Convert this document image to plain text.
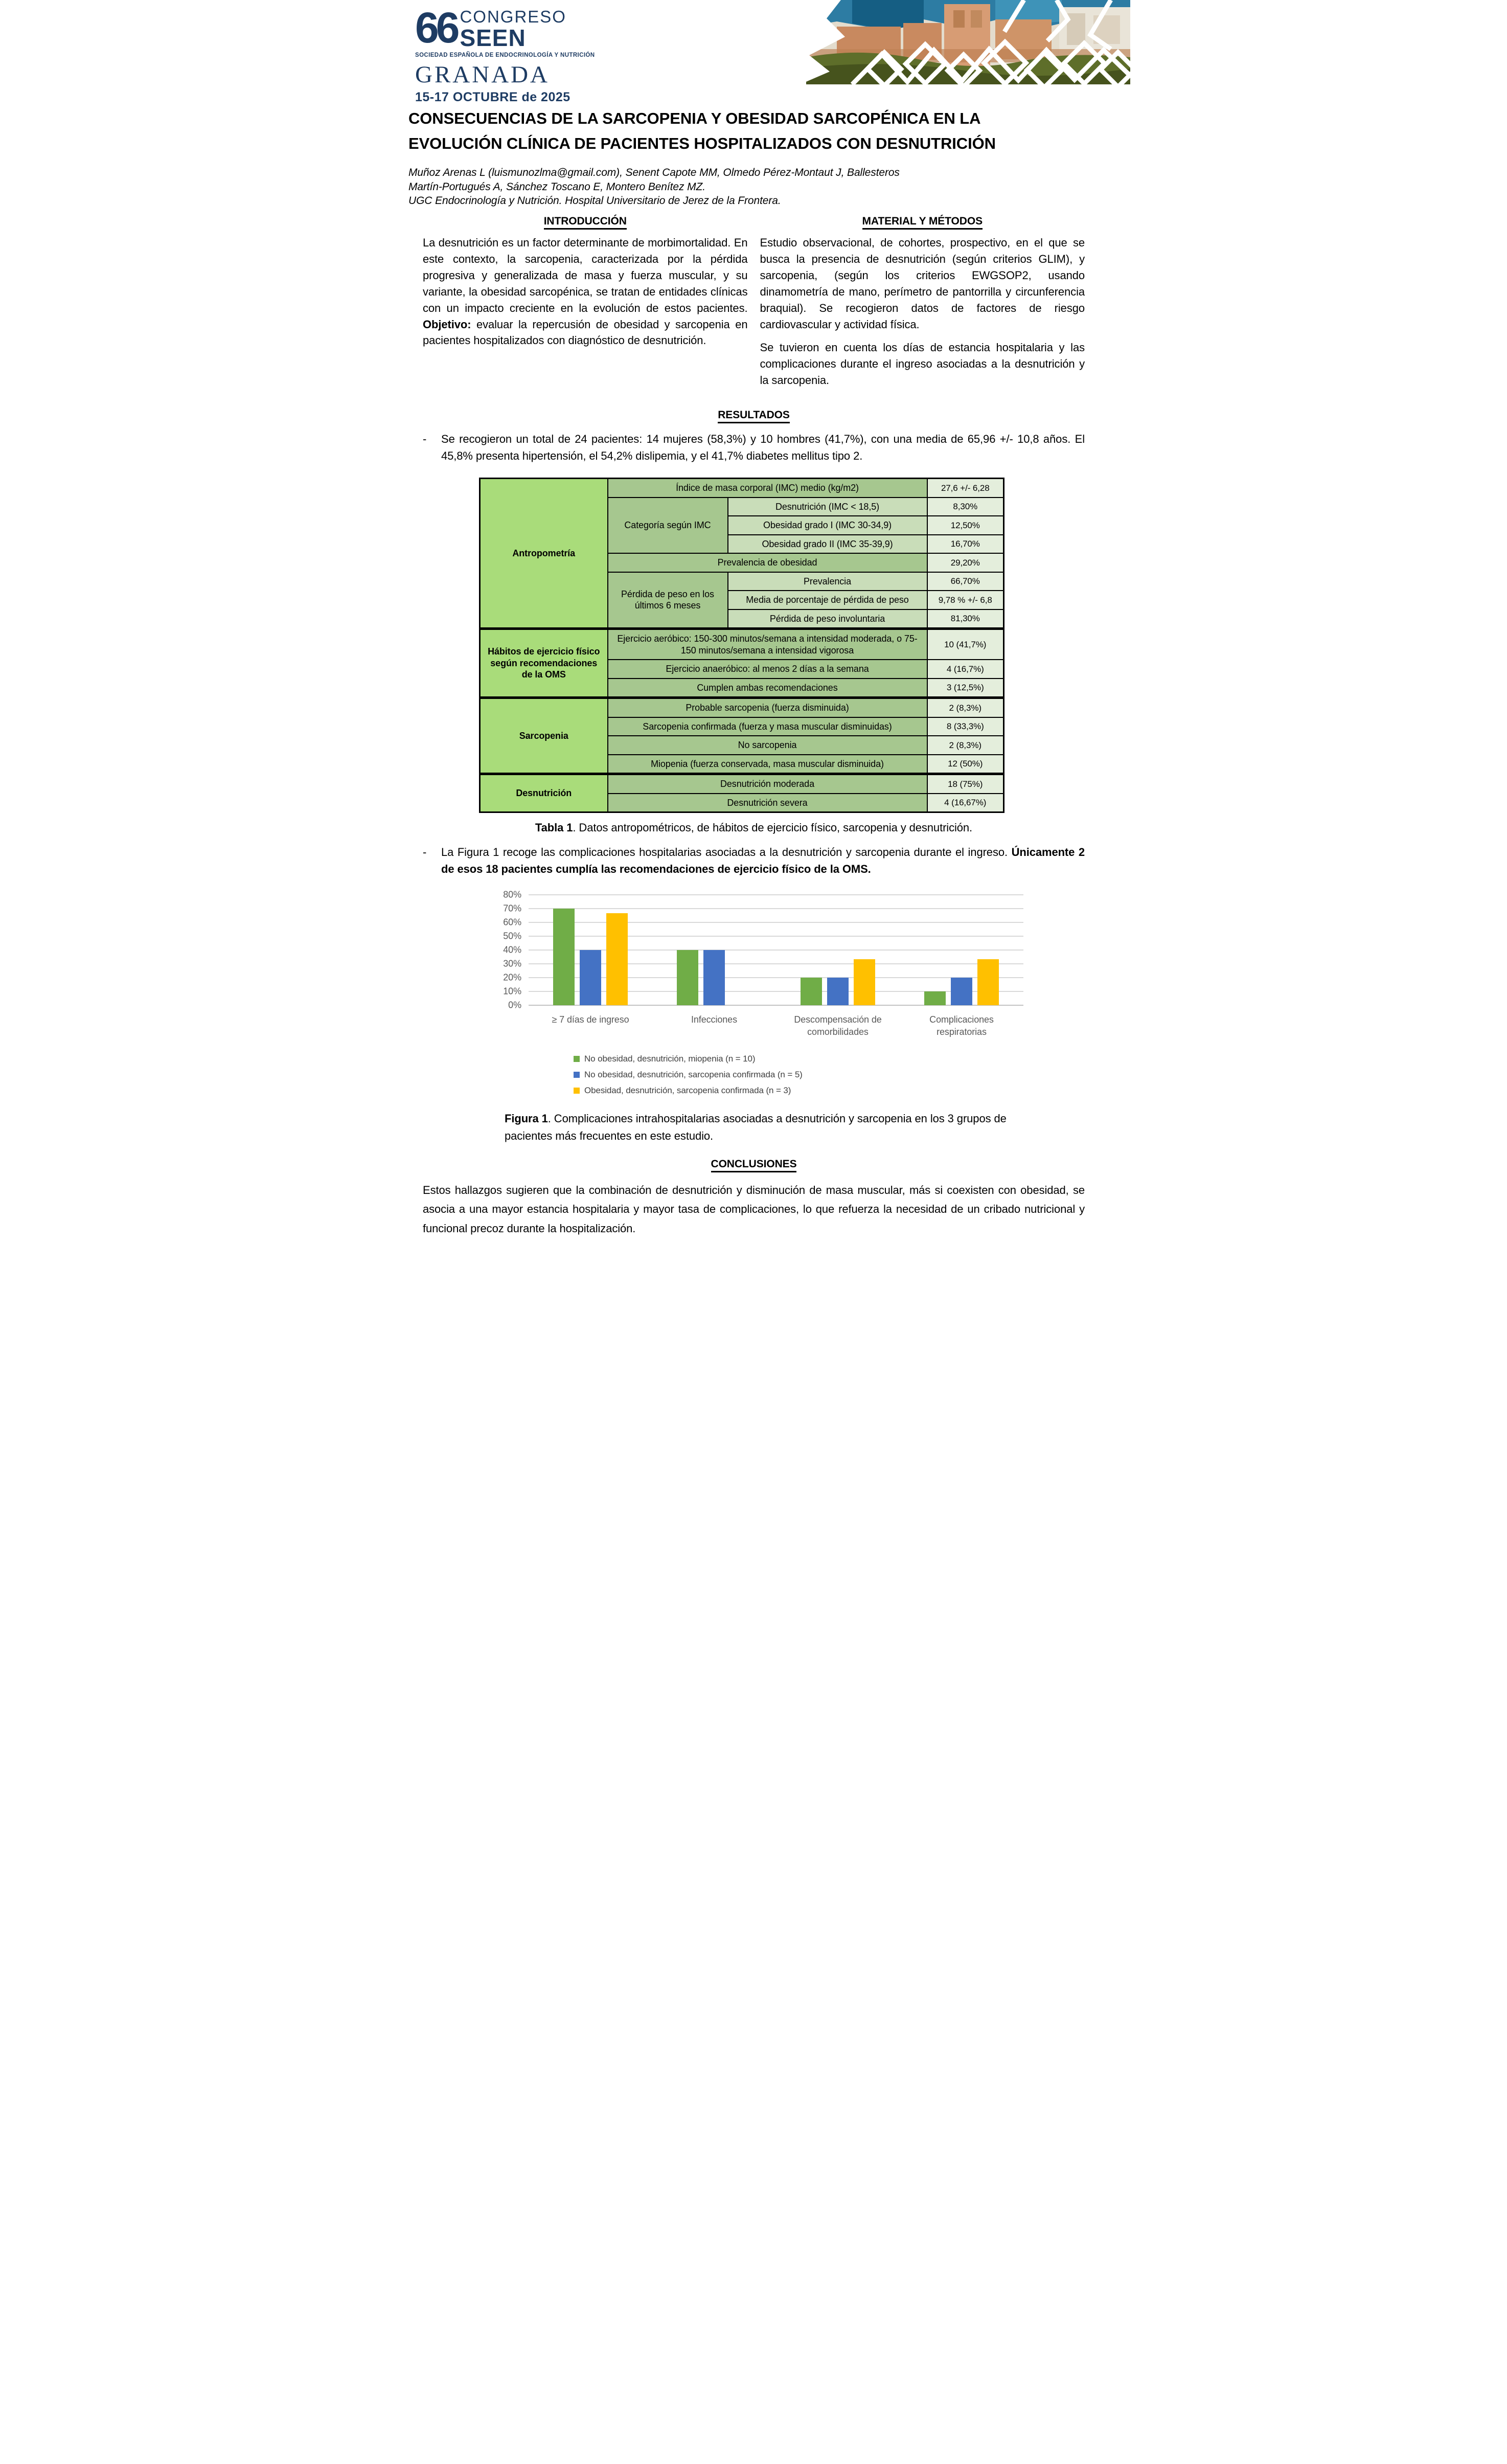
66 CONGRESO
SEEN
SOCIEDAD ESPAÑOLA DE ENDOCRINOLOGÍA Y NUTRICIÓN
GRANADA
15-17 OCTUBRE de 2025
CONSECUENCIAS DE LA SARCOPENIA Y OBESIDAD SARCOPÉNICA EN LA
EVOLUCIÓN CLÍNICA DE PACIENTES HOSPITALIZADOS CON DESNUTRICIÓN

Muñoz Arenas L (luismunozlma@gmail.com), Senent Capote MM, Olmedo Pérez-Montaut J, Ballesteros
Martín-Portugués A, Sánchez Toscano E, Montero Benítez MZ.
UGC Endocrinología y Nutrición. Hospital Universitario de Jerez de la Frontera.

INTRODUCCIÓN

La desnutrición es un factor determinante de morbimortalidad. En este contexto, la sarcopenia, caracterizada por la pérdida progresiva y generalizada de masa y fuerza muscular, y su variante, la obesidad sarcopénica, se tratan de entidades clínicas con un impacto creciente en la evolución de estos pacientes. Objetivo: evaluar la repercusión de obesidad y sarcopenia en pacientes hospitalizados con diagnóstico de desnutrición.

MATERIAL Y MÉTODOS

Estudio observacional, de cohortes, prospectivo, en el que se busca la presencia de desnutrición (según criterios GLIM), y sarcopenia, (según los criterios EWGSOP2, usando dinamometría de mano, perímetro de pantorrilla y circunferencia braquial). Se recogieron datos de factores de riesgo cardiovascular y actividad física.

Se tuvieron en cuenta los días de estancia hospitalaria y las complicaciones durante el ingreso asociadas a la desnutrición y la sarcopenia.

RESULTADOS
-	Se recogieron un total de 24 pacientes: 14 mujeres (58,3%) y 10 hombres (41,7%), con una media de 65,96 +/- 10,8 años. El 45,8% presenta hipertensión, el 54,2% dislipemia, y el 41,7% diabetes mellitus tipo 2.

Antropometría	Índice de masa corporal (IMC) medio (kg/m2)		27,6 +/- 6,28
	Categoría según IMC	Desnutrición (IMC < 18,5)	8,30%
		Obesidad grado I (IMC 30-34,9)	12,50%
		Obesidad grado II (IMC 35-39,9)	16,70%
	Prevalencia de obesidad		29,20%
	Pérdida de peso en los últimos 6 meses	Prevalencia	66,70%
		Media de porcentaje de pérdida de peso	9,78 % +/- 6,8
		Pérdida de peso involuntaria	81,30%
Hábitos de ejercicio físico según recomendaciones de la OMS	Ejercicio aeróbico: 150-300 minutos/semana a intensidad moderada, o 75-150 minutos/semana a intensidad vigorosa		10 (41,7%)
	Ejercicio anaeróbico: al menos 2 días a la semana		4 (16,7%)
	Cumplen ambas recomendaciones		3 (12,5%)
Sarcopenia	Probable sarcopenia (fuerza disminuida)		2 (8,3%)
	Sarcopenia confirmada (fuerza y masa muscular disminuidas)		8 (33,3%)
	No sarcopenia		2 (8,3%)
	Miopenia (fuerza conservada, masa muscular disminuida)		12 (50%)
Desnutrición	Desnutrición moderada		18 (75%)
	Desnutrición severa		4 (16,67%)

Tabla 1. Datos antropométricos, de hábitos de ejercicio físico, sarcopenia y desnutrición.

-	La Figura 1 recoge las complicaciones hospitalarias asociadas a la desnutrición y sarcopenia durante el ingreso. Únicamente 2 de esos 18 pacientes cumplía las recomendaciones de ejercicio físico de la OMS.

0%
10%
20%
30%
40%
50%
60%
70%
80%
≥ 7 días de ingreso	Infecciones	Descompensación de comorbilidades
Complicaciones respiratorias
No obesidad, desnutrición, miopenia (n = 10)
No obesidad, desnutrición, sarcopenia confirmada (n = 5)
Obesidad, desnutrición, sarcopenia confirmada (n = 3)

Figura 1. Complicaciones intrahospitalarias asociadas a desnutrición y sarcopenia en los 3 grupos de pacientes más frecuentes en este estudio.

CONCLUSIONES

Estos hallazgos sugieren que la combinación de desnutrición y disminución de masa muscular, más si coexisten con obesidad, se asocia a una mayor estancia hospitalaria y mayor tasa de complicaciones, lo que refuerza la necesidad de un cribado nutricional y funcional precoz durante la hospitalización.
